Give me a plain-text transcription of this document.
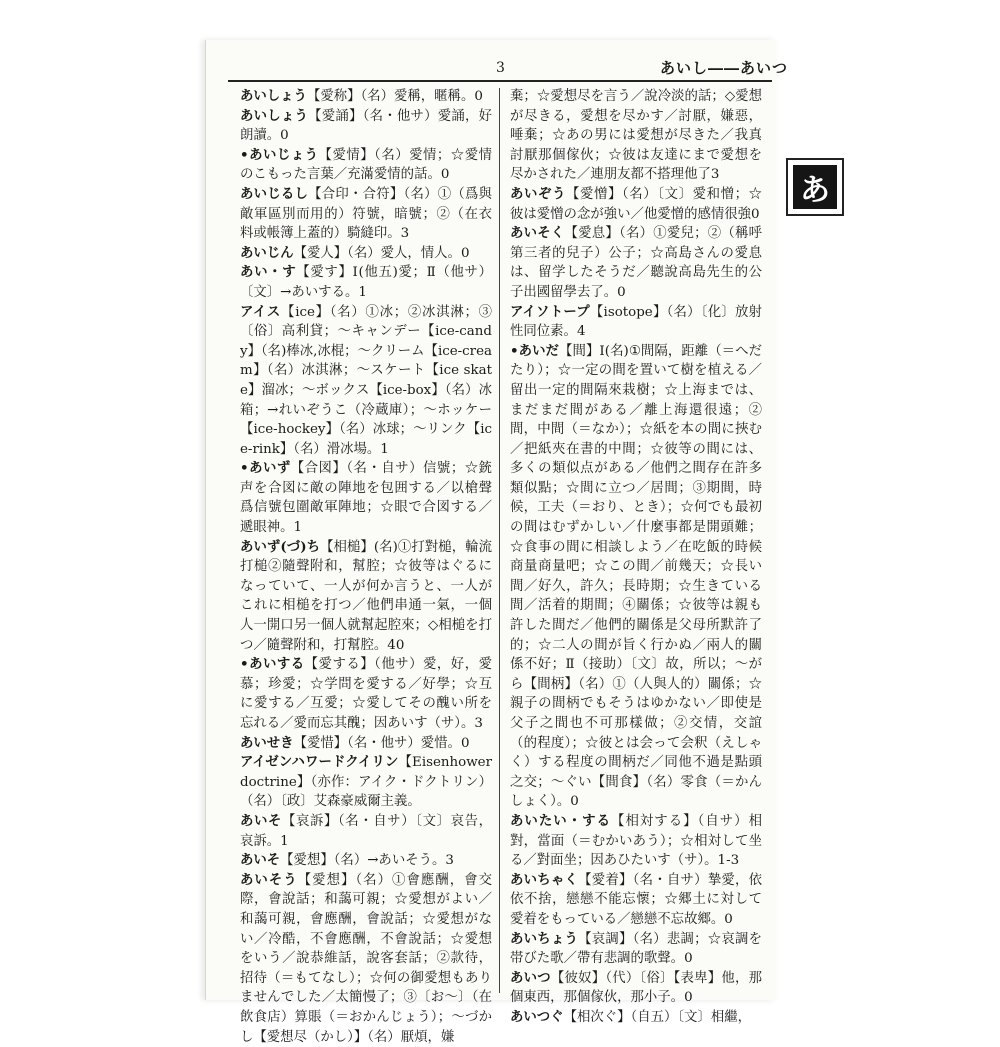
3	あいし――あいつ
あ
あいしょう【愛称】（名）愛稱，暱稱。0
あいしょう【愛誦】（名・他サ）愛誦，好朗讀。0
•あいじょう【愛情】（名）愛情；☆愛情のこもった言葉／充滿愛情的話。0
あいじるし【合印・合符】（名）①（爲與敵軍區別而用的）符號，暗號；②（在衣料或帳簿上蓋的）騎縫印。3
あいじん【愛人】（名）愛人，情人。0
あい・す【愛す】Ⅰ(他五)愛；Ⅱ（他サ）〔文〕→あいする。1
アイス【ice】（名）①冰；②冰淇淋；③〔俗〕高利貸；～キャンデー【ice-candy】（名)棒冰,冰棍；～クリーム【ice-cream】（名）冰淇淋；～スケート【ice skate】溜冰；～ボックス【ice-box】（名）冰箱；→れいぞうこ（冷蔵庫）；～ホッケー【ice-hockey】（名）冰球；～リンク【ice-rink】（名）滑冰場。1
•あいず【合図】（名・自サ）信號；☆銃声を合図に敵の陣地を包囲する／以槍聲爲信號包圍敵軍陣地；☆眼で合図する／遞眼神。1
あいず(づ)ち【相槌】(名)①打對槌，輪流打槌②隨聲附和，幫腔；☆彼等はぐるになっていて、一人が何か言うと、一人がこれに相槌を打つ／他們串通一氣，一個人一開口另一個人就幫起腔來；◇相槌を打つ／隨聲附和，打幫腔。40
•あいする【愛する】（他サ）愛，好，愛慕；珍愛；☆学問を愛する／好學；☆互に愛する／互愛；☆愛してその醜い所を忘れる／愛而忘其醜；因あいす（サ）。3
あいせき【愛惜】（名・他サ）愛惜。0
アイゼンハワードクイリン【Eisenhower doctrine】（亦作：アイク・ドクトリン）（名）〔政〕艾森豪威爾主義。
あいそ【哀訴】（名・自サ）〔文〕哀告，哀訴。1
あいそ【愛想】（名）→あいそう。3
あいそう【愛想】（名）①會應酬，會交際，會說話；和藹可親；☆愛想がよい／和藹可親，會應酬，會說話；☆愛想がない／冷酷，不會應酬，不會說話；☆愛想をいう／說恭維話，說客套話；②款待，招待（＝もてなし）；☆何の御愛想もありませんでした／太簡慢了；③〔お～〕（在飲食店）算賬（＝おかんじょう）；～づかし【愛想尽（かし）】（名）厭煩，嫌
棄；☆愛想尽を言う／說冷淡的話；◇愛想が尽きる，愛想を尽かす／討厭，嫌惡，唾棄；☆あの男には愛想が尽きた／我真討厭那個傢伙；☆彼は友達にまで愛想を尽かされた／連朋友都不搭理他了3
あいぞう【愛憎】（名）〔文〕愛和憎；☆彼は愛憎の念が強い／他愛憎的感情很強0
あいそく【愛息】（名）①愛兒；②（稱呼第三者的兒子）公子；☆高島さんの愛息は、留学したそうだ／聽說高島先生的公子出國留學去了。0
アイソトープ【isotope】（名）〔化〕放射性同位素。4
•あいだ【間】Ⅰ(名)①間隔，距離（＝へだたり）；☆一定の間を置いて樹を植える／留出一定的間隔來栽樹；☆上海までは、まだまだ間がある／離上海還很遠；②間，中間（＝なか）；☆紙を本の間に挾む／把紙夾在書的中間；☆彼等の間には、多くの類似点がある／他們之間存在許多類似點；☆間に立つ／居間；③期間，時候，工夫（＝おり、とき）；☆何でも最初の間はむずかしい／什麼事都是開頭難；☆食事の間に相談しよう／在吃飯的時候商量商量吧；☆この間／前幾天；☆長い間／好久，許久；長時期；☆生きている間／活着的期間；④關係；☆彼等は親も許した間だ／他們的關係是父母所默許了的；☆二人の間が旨く行かぬ／兩人的關係不好；Ⅱ（接助）〔文〕故，所以；～がら【間柄】（名）①（人與人的）關係；☆親子の間柄でもそうはゆかない／即使是父子之間也不可那樣做；②交情，交誼（的程度）；☆彼とは会って会釈（えしゃく）する程度の間柄だ／同他不過是點頭之交；～ぐい【間食】（名）零食（＝かんしょく）。0
あいたい・する【相対する】（自サ）相對，當面（＝むかいあう）；☆相対して坐る／對面坐；因あひたいす（サ）。1-3
あいちゃく【愛着】（名・自サ）摯愛，依依不捨，戀戀不能忘懷；☆郷土に対して愛着をもっている／戀戀不忘故鄉。0
あいちょう【哀調】（名）悲調；☆哀調を帯びた歌／帶有悲調的歌聲。0
あいつ【彼奴】（代）〔俗〕【表卑】他，那個東西，那個傢伙，那小子。0
あいつぐ【相次ぐ】（自五）〔文〕相繼，
